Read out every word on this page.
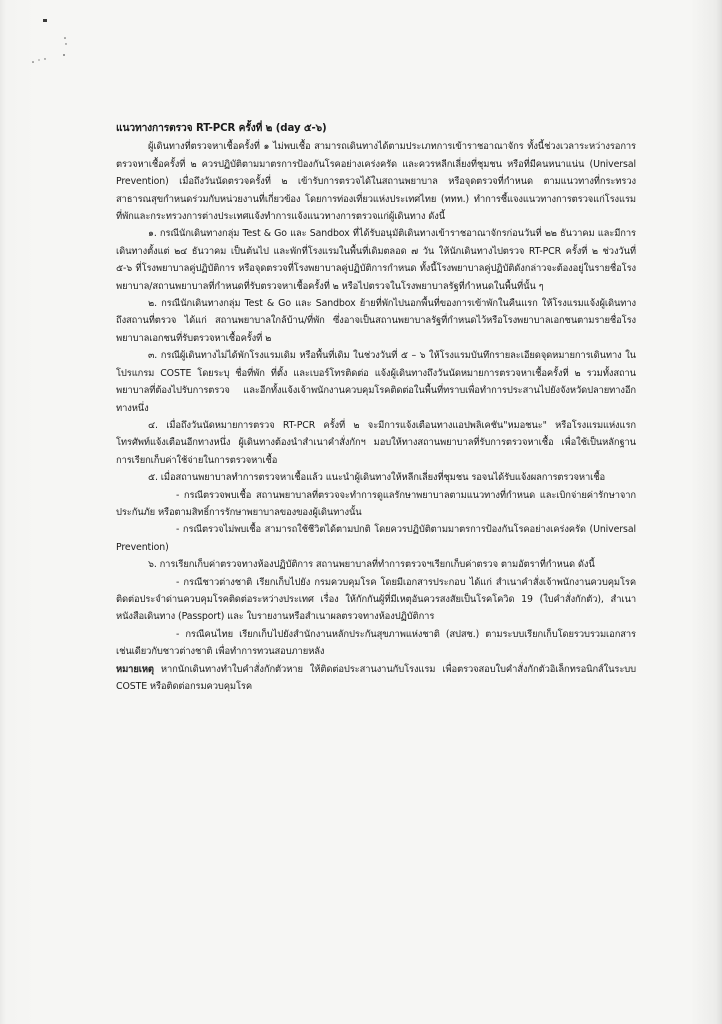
แนวทางการตรวจ RT-PCR ครั้งที่ ๒ (day ๕-๖)

ผู้เดินทางที่ตรวจหาเชื้อครั้งที่ ๑ ไม่พบเชื้อ สามารถเดินทางได้ตามประเภทการเข้าราชอาณาจักร ทั้งนี้ช่วงเวลาระหว่างรอการตรวจหาเชื้อครั้งที่ ๒ ควรปฏิบัติตามมาตรการป้องกันโรคอย่างเคร่งครัด และควรหลีกเลี่ยงที่ชุมชน หรือที่มีคนหนาแน่น (Universal Prevention) เมื่อถึงวันนัดตรวจครั้งที่ ๒ เข้ารับการตรวจได้ในสถานพยาบาล หรือจุดตรวจที่กำหนด ตามแนวทางที่กระทรวงสาธารณสุขกำหนดร่วมกับหน่วยงานที่เกี่ยวข้อง โดยการท่องเที่ยวแห่งประเทศไทย (ททท.) ทำการชี้แจงแนวทางการตรวจแก่โรงแรมที่พักและกระทรวงการต่างประเทศแจ้งทำการแจ้งแนวทางการตรวจแก่ผู้เดินทาง ดังนี้

๑. กรณีนักเดินทางกลุ่ม Test & Go และ Sandbox ที่ได้รับอนุมัติเดินทางเข้าราชอาณาจักรก่อนวันที่ ๒๒ ธันวาคม และมีการเดินทางตั้งแต่ ๒๔ ธันวาคม เป็นต้นไป และพักที่โรงแรมในพื้นที่เดิมตลอด ๗ วัน ให้นักเดินทางไปตรวจ RT-PCR ครั้งที่ ๒ ช่วงวันที่ ๕-๖ ที่โรงพยาบาลคู่ปฏิบัติการ หรือจุดตรวจที่โรงพยาบาลคู่ปฏิบัติการกำหนด ทั้งนี้โรงพยาบาลคู่ปฏิบัติดังกล่าวจะต้องอยู่ในรายชื่อโรงพยาบาล/สถานพยาบาลที่กำหนดที่รับตรวจหาเชื้อครั้งที่ ๒ หรือไปตรวจในโรงพยาบาลรัฐที่กำหนดในพื้นที่นั้น ๆ

๒. กรณีนักเดินทางกลุ่ม Test & Go และ Sandbox ย้ายที่พักไปนอกพื้นที่ของการเข้าพักในคืนแรก ให้โรงแรมแจ้งผู้เดินทางถึงสถานที่ตรวจ ได้แก่ สถานพยาบาลใกล้บ้าน/ที่พัก ซึ่งอาจเป็นสถานพยาบาลรัฐที่กำหนดไว้หรือโรงพยาบาลเอกชนตามรายชื่อโรงพยาบาลเอกชนที่รับตรวจหาเชื้อครั้งที่ ๒

๓. กรณีผู้เดินทางไม่ได้พักโรงแรมเดิม หรือพื้นที่เดิม ในช่วงวันที่ ๕ – ๖ ให้โรงแรมบันทึกรายละเอียดจุดหมายการเดินทาง ในโปรแกรม COSTE โดยระบุ ชื่อที่พัก ที่ตั้ง และเบอร์โทรติดต่อ แจ้งผู้เดินทางถึงวันนัดหมายการตรวจหาเชื้อครั้งที่ ๒ รวมทั้งสถานพยาบาลที่ต้องไปรับการตรวจ และอีกทั้งแจ้งเจ้าพนักงานควบคุมโรคติดต่อในพื้นที่ทราบเพื่อทำการประสานไปยังจังหวัดปลายทางอีกทางหนึ่ง

๔. เมื่อถึงวันนัดหมายการตรวจ RT-PCR ครั้งที่ ๒ จะมีการแจ้งเตือนทางแอปพลิเคชัน"หมอชนะ" หรือโรงแรมแห่งแรก โทรศัพท์แจ้งเตือนอีกทางหนึ่ง ผู้เดินทางต้องนำสำเนาคำสั่งกักฯ มอบให้ทางสถานพยาบาลที่รับการตรวจหาเชื้อ เพื่อใช้เป็นหลักฐานการเรียกเก็บค่าใช้จ่ายในการตรวจหาเชื้อ

๕. เมื่อสถานพยาบาลทำการตรวจหาเชื้อแล้ว แนะนำผู้เดินทางให้หลีกเลี่ยงที่ชุมชน รอจนได้รับแจ้งผลการตรวจหาเชื้อ

- กรณีตรวจพบเชื้อ สถานพยาบาลที่ตรวจจะทำการดูแลรักษาพยาบาลตามแนวทางที่กำหนด และเบิกจ่ายค่ารักษาจากประกันภัย หรือตามสิทธิ์การรักษาพยาบาลของของผู้เดินทางนั้น

- กรณีตรวจไม่พบเชื้อ สามารถใช้ชีวิตได้ตามปกติ โดยควรปฏิบัติตามมาตรการป้องกันโรคอย่างเคร่งครัด (Universal Prevention)

๖. การเรียกเก็บค่าตรวจทางห้องปฏิบัติการ สถานพยาบาลที่ทำการตรวจฯเรียกเก็บค่าตรวจ ตามอัตราที่กำหนด ดังนี้

- กรณีชาวต่างชาติ เรียกเก็บไปยัง กรมควบคุมโรค โดยมีเอกสารประกอบ ได้แก่ สำเนาคำสั่งเจ้าพนักงานควบคุมโรคติดต่อประจำด่านควบคุมโรคติดต่อระหว่างประเทศ เรื่อง ให้กักกันผู้ที่มีเหตุอันควรสงสัยเป็นโรคโควิด 19 (ใบคำสั่งกักตัว), สำเนาหนังสือเดินทาง (Passport) และ ใบรายงานหรือสำเนาผลตรวจทางห้องปฏิบัติการ

- กรณีคนไทย เรียกเก็บไปยังสำนักงานหลักประกันสุขภาพแห่งชาติ (สปสช.) ตามระบบเรียกเก็บโดยรวบรวมเอกสารเช่นเดียวกับชาวต่างชาติ เพื่อทำการทวนสอบภายหลัง

หมายเหตุ หากนักเดินทางทำใบคำสั่งกักตัวหาย ให้ติดต่อประสานงานกับโรงแรม เพื่อตรวจสอบใบคำสั่งกักตัวอิเล็กทรอนิกส์ในระบบ COSTE หรือติดต่อกรมควบคุมโรค
